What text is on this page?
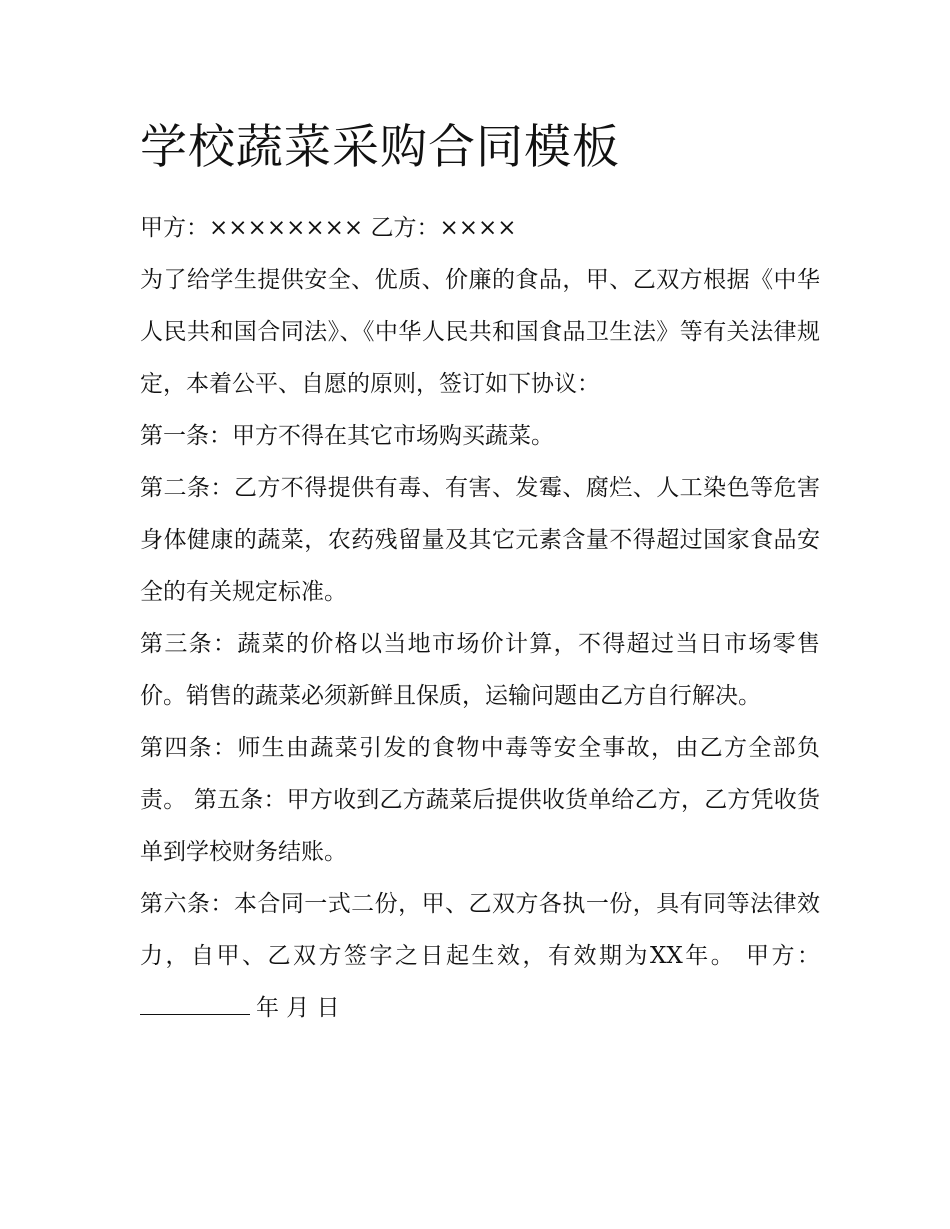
学校蔬菜采购合同模板

甲方：×××××××× 乙方：××××

为了给学生提供安全、优质、价廉的食品，甲、乙双方根据《中华人民共和国合同法》、《中华人民共和国食品卫生法》等有关法律规定，本着公平、自愿的原则，签订如下协议：

第一条：甲方不得在其它市场购买蔬菜。

第二条：乙方不得提供有毒、有害、发霉、腐烂、人工染色等危害身体健康的蔬菜，农药残留量及其它元素含量不得超过国家食品安全的有关规定标准。

第三条：蔬菜的价格以当地市场价计算，不得超过当日市场零售价。销售的蔬菜必须新鲜且保质，运输问题由乙方自行解决。

第四条：师生由蔬菜引发的食物中毒等安全事故，由乙方全部负责。 第五条：甲方收到乙方蔬菜后提供收货单给乙方，乙方凭收货单到学校财务结账。

第六条：本合同一式二份，甲、乙双方各执一份，具有同等法律效力，自甲、乙双方签字之日起生效，有效期为XX年。 甲方：年 月 日
